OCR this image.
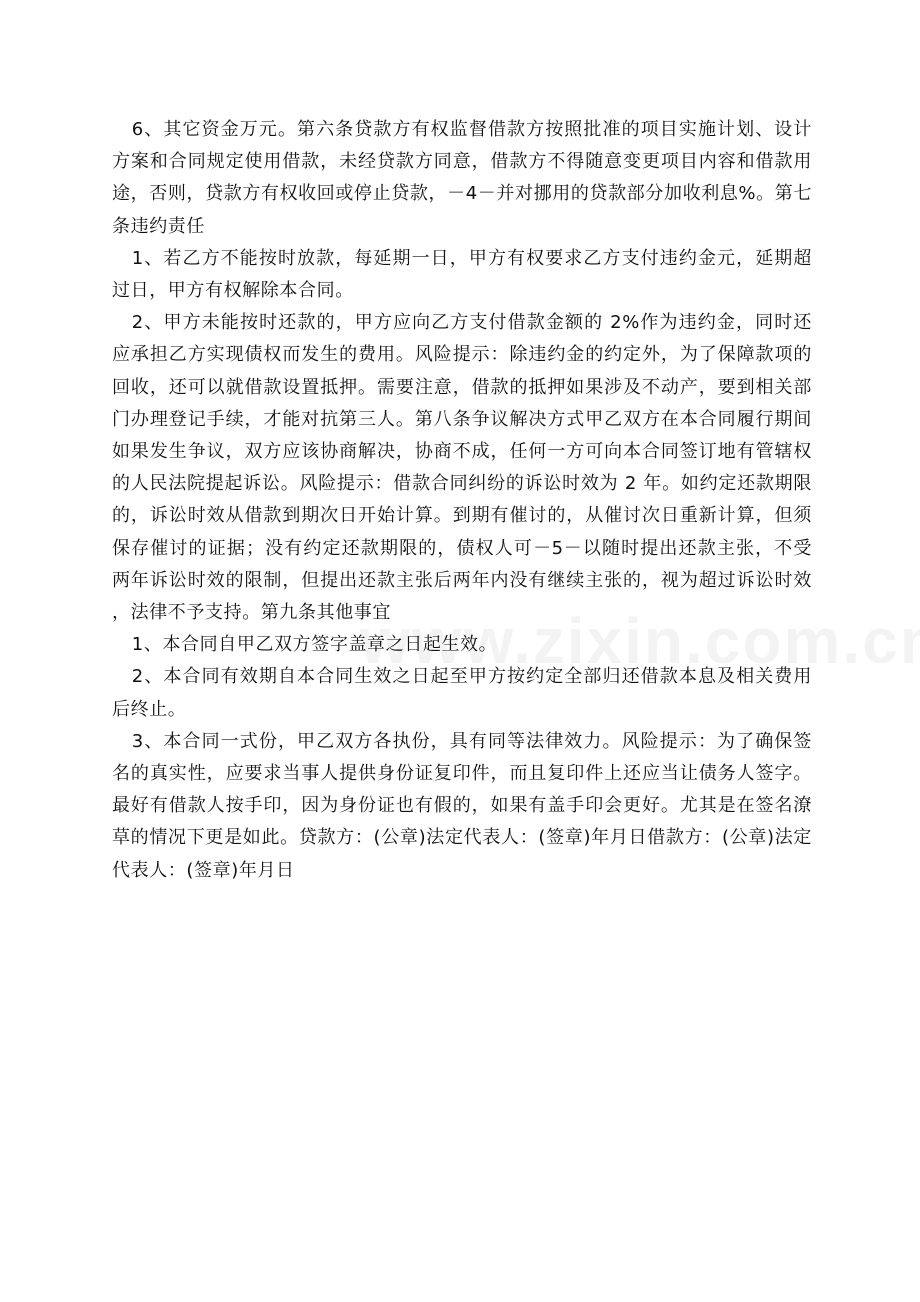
6、其它资金万元。第六条贷款方有权监督借款方按照批准的项目实施计划、设计方案和合同规定使用借款，未经贷款方同意，借款方不得随意变更项目内容和借款用途，否则，贷款方有权收回或停止贷款，－4－并对挪用的贷款部分加收利息%。第七条违约责任

1、若乙方不能按时放款，每延期一日，甲方有权要求乙方支付违约金元，延期超过日，甲方有权解除本合同。

2、甲方未能按时还款的，甲方应向乙方支付借款金额的 2%作为违约金，同时还应承担乙方实现债权而发生的费用。风险提示：除违约金的约定外，为了保障款项的回收，还可以就借款设置抵押。需要注意，借款的抵押如果涉及不动产，要到相关部门办理登记手续，才能对抗第三人。第八条争议解决方式甲乙双方在本合同履行期间如果发生争议，双方应该协商解决，协商不成，任何一方可向本合同签订地有管辖权的人民法院提起诉讼。风险提示：借款合同纠纷的诉讼时效为 2 年。如约定还款期限的，诉讼时效从借款到期次日开始计算。到期有催讨的，从催讨次日重新计算，但须保存催讨的证据；没有约定还款期限的，债权人可－5－以随时提出还款主张，不受两年诉讼时效的限制，但提出还款主张后两年内没有继续主张的，视为超过诉讼时效，法律不予支持。第九条其他事宜

1、本合同自甲乙双方签字盖章之日起生效。

2、本合同有效期自本合同生效之日起至甲方按约定全部归还借款本息及相关费用后终止。

3、本合同一式份，甲乙双方各执份，具有同等法律效力。风险提示：为了确保签名的真实性，应要求当事人提供身份证复印件，而且复印件上还应当让债务人签字。最好有借款人按手印，因为身份证也有假的，如果有盖手印会更好。尤其是在签名潦草的情况下更是如此。贷款方：(公章)法定代表人：(签章)年月日借款方：(公章)法定代表人：(签章)年月日
